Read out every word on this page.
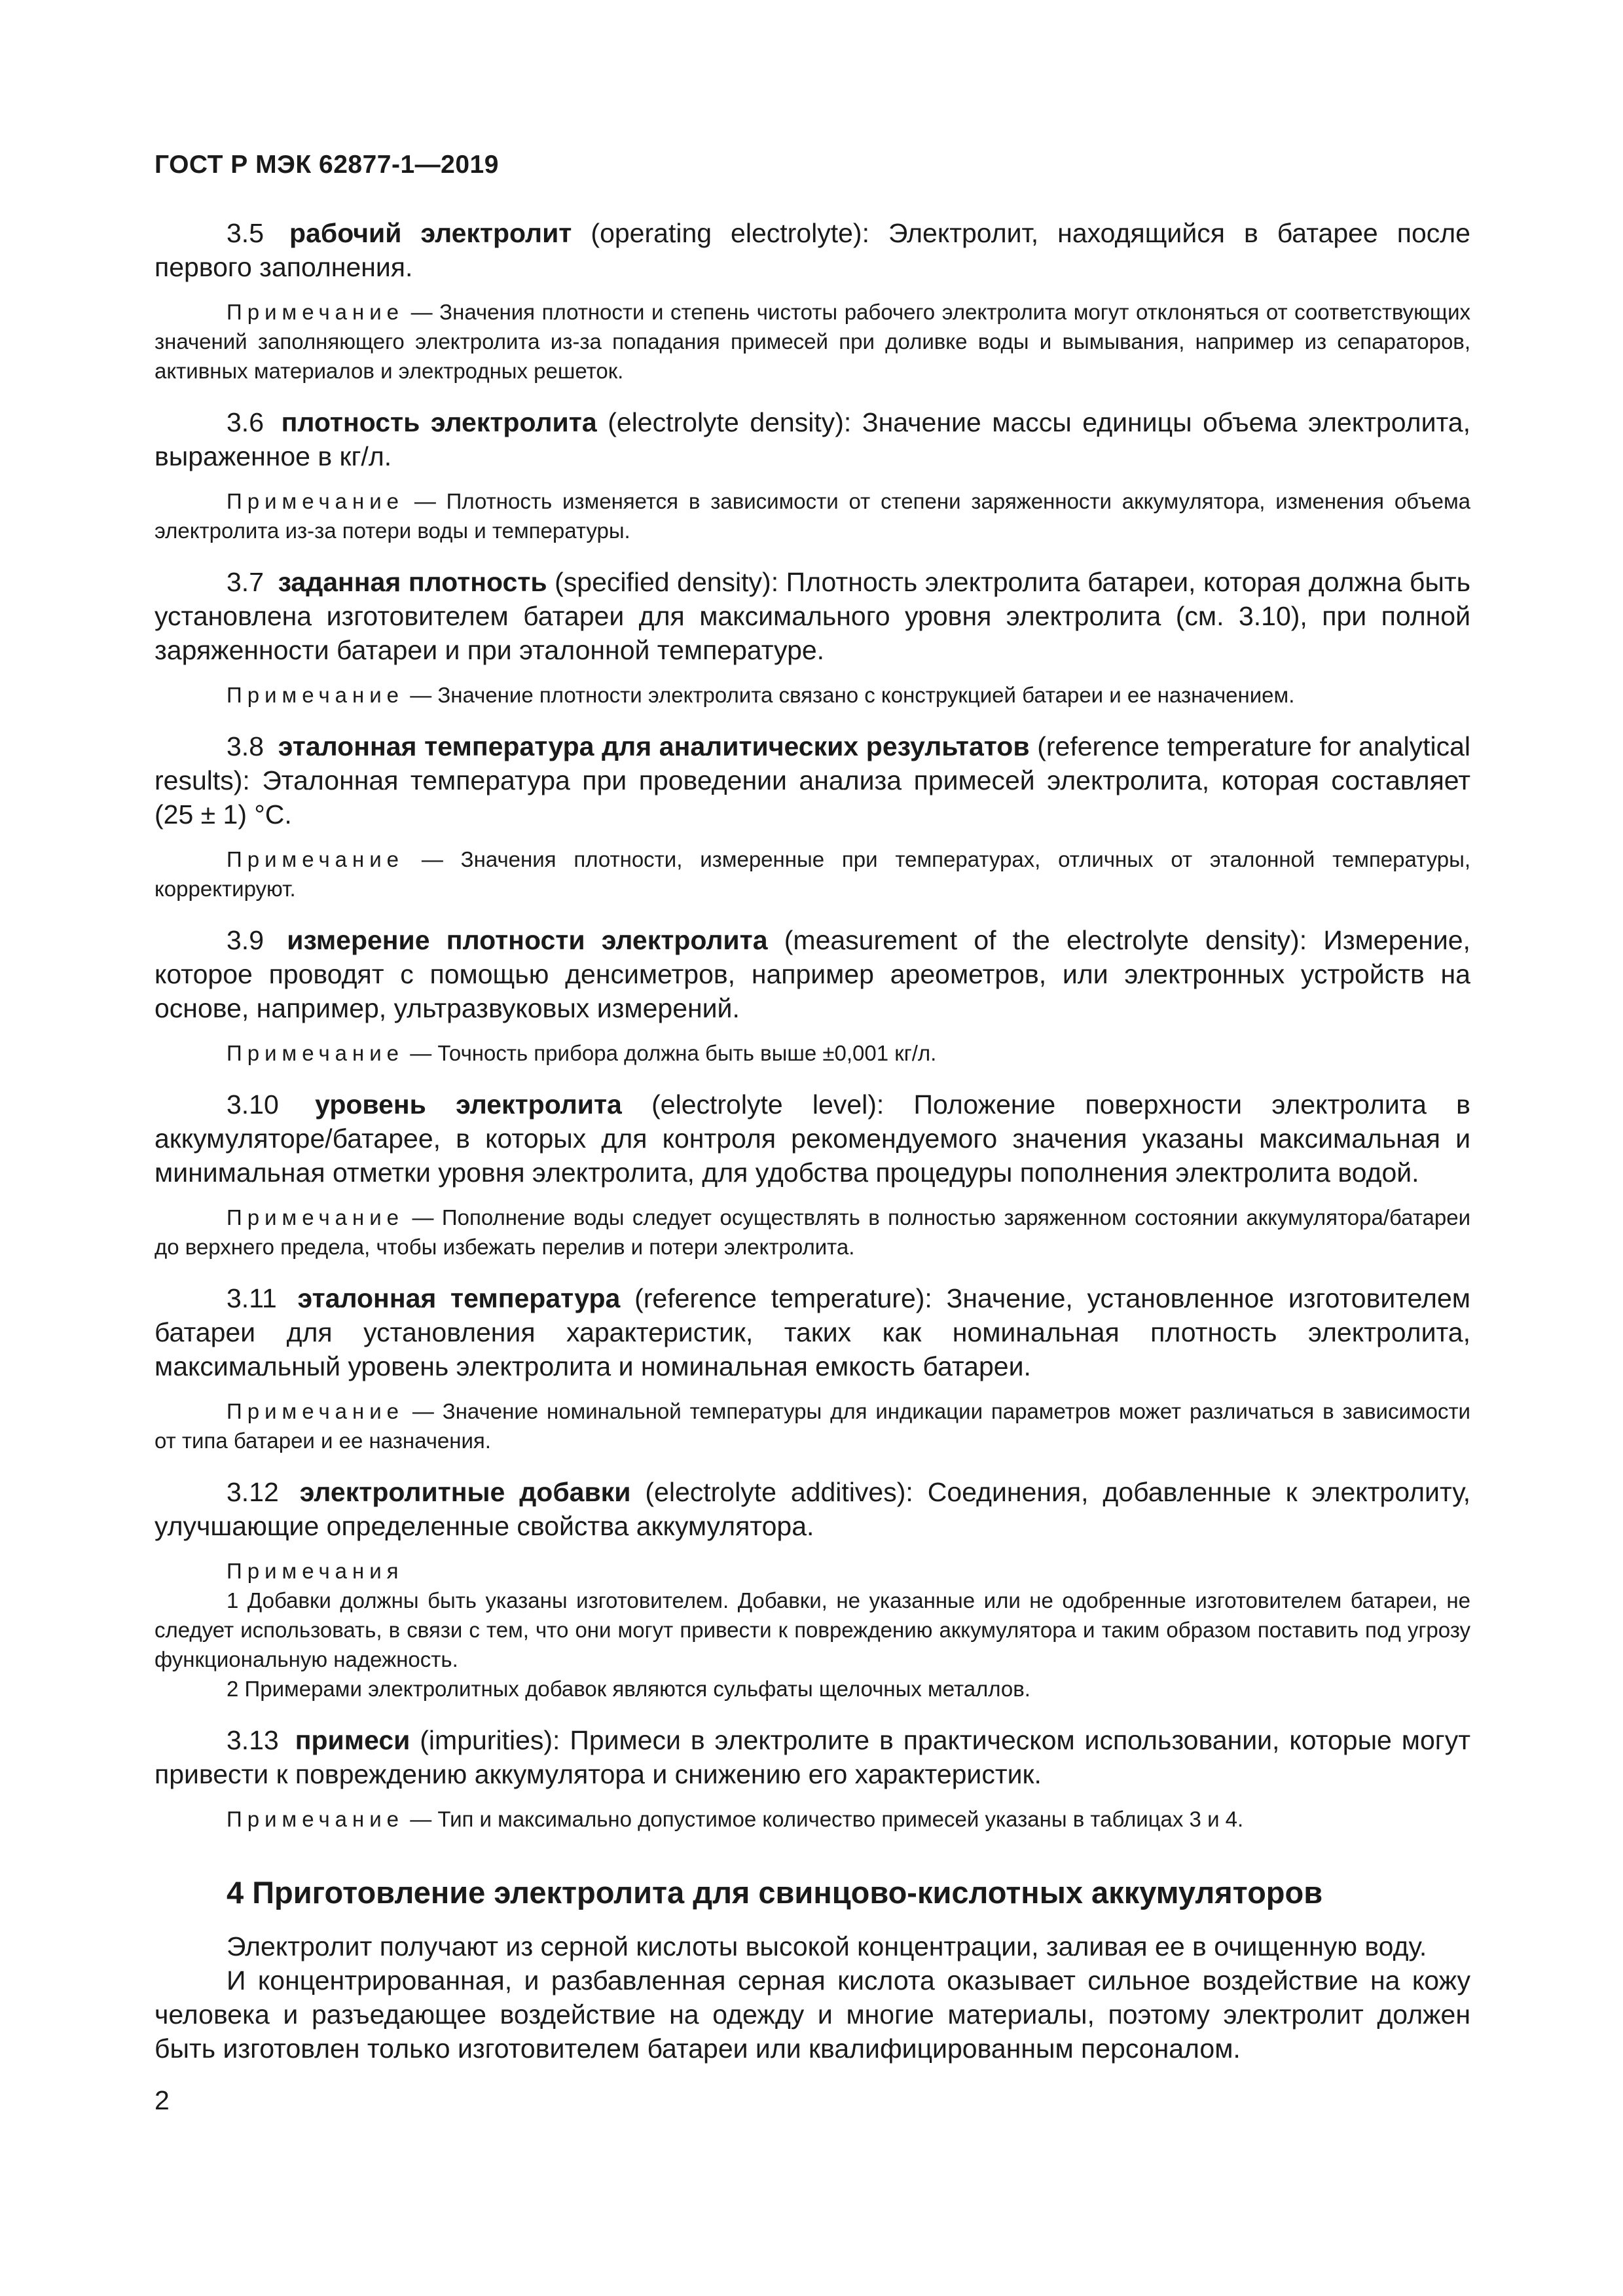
ГОСТ Р МЭК 62877-1—2019

3.5 рабочий электролит (operating electrolyte): Электролит, находящийся в батарее после первого заполнения.

Примечание — Значения плотности и степень чистоты рабочего электролита могут отклоняться от соответствующих значений заполняющего электролита из-за попадания примесей при доливке воды и вымывания, например из сепараторов, активных материалов и электродных решеток.

3.6 плотность электролита (electrolyte density): Значение массы единицы объема электролита, выраженное в кг/л.

Примечание — Плотность изменяется в зависимости от степени заряженности аккумулятора, изменения объема электролита из-за потери воды и температуры.

3.7 заданная плотность (specified density): Плотность электролита батареи, которая должна быть установлена изготовителем батареи для максимального уровня электролита (см. 3.10), при полной заряженности батареи и при эталонной температуре.

Примечание — Значение плотности электролита связано с конструкцией батареи и ее назначением.

3.8 эталонная температура для аналитических результатов (reference temperature for analytical results): Эталонная температура при проведении анализа примесей электролита, которая составляет (25 ± 1) °С.

Примечание — Значения плотности, измеренные при температурах, отличных от эталонной температуры, корректируют.

3.9 измерение плотности электролита (measurement of the electrolyte density): Измерение, которое проводят с помощью денсиметров, например ареометров, или электронных устройств на основе, например, ультразвуковых измерений.

Примечание — Точность прибора должна быть выше ±0,001 кг/л.

3.10 уровень электролита (electrolyte level): Положение поверхности электролита в аккумуляторе/батарее, в которых для контроля рекомендуемого значения указаны максимальная и минимальная отметки уровня электролита, для удобства процедуры пополнения электролита водой.

Примечание — Пополнение воды следует осуществлять в полностью заряженном состоянии аккумулятора/батареи до верхнего предела, чтобы избежать перелив и потери электролита.

3.11 эталонная температура (reference temperature): Значение, установленное изготовителем батареи для установления характеристик, таких как номинальная плотность электролита, максимальный уровень электролита и номинальная емкость батареи.

Примечание — Значение номинальной температуры для индикации параметров может различаться в зависимости от типа батареи и ее назначения.

3.12 электролитные добавки (electrolyte additives): Соединения, добавленные к электролиту, улучшающие определенные свойства аккумулятора.

Примечания

1 Добавки должны быть указаны изготовителем. Добавки, не указанные или не одобренные изготовителем батареи, не следует использовать, в связи с тем, что они могут привести к повреждению аккумулятора и таким образом поставить под угрозу функциональную надежность.

2 Примерами электролитных добавок являются сульфаты щелочных металлов.

3.13 примеси (impurities): Примеси в электролите в практическом использовании, которые могут привести к повреждению аккумулятора и снижению его характеристик.

Примечание — Тип и максимально допустимое количество примесей указаны в таблицах 3 и 4.

4 Приготовление электролита для свинцово-кислотных аккумуляторов

Электролит получают из серной кислоты высокой концентрации, заливая ее в очищенную воду.

И концентрированная, и разбавленная серная кислота оказывает сильное воздействие на кожу человека и разъедающее воздействие на одежду и многие материалы, поэтому электролит должен быть изготовлен только изготовителем батареи или квалифицированным персоналом.

2
